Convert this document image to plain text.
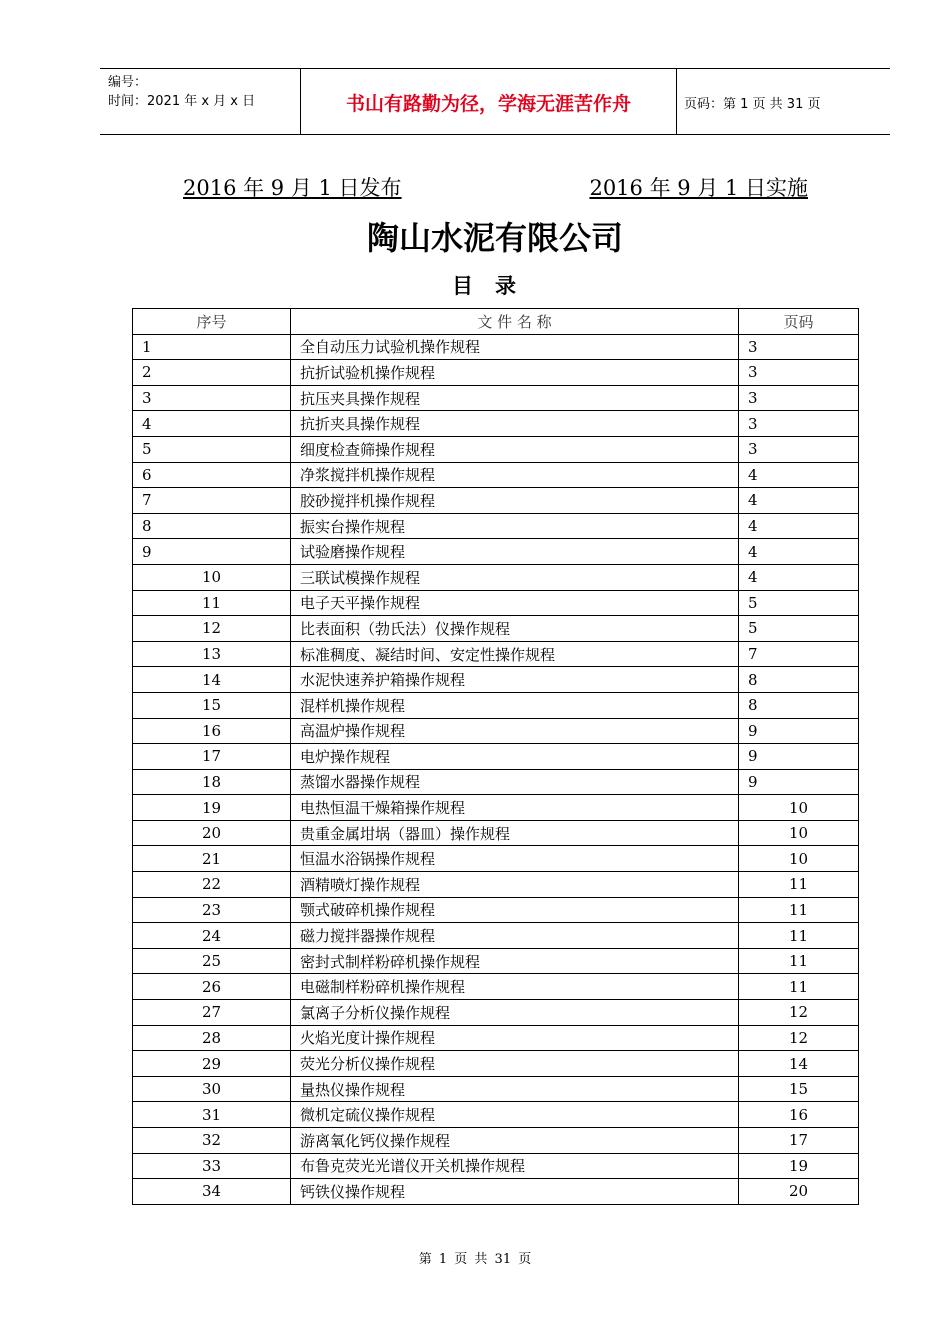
编号：
时间：2021 年 x 月 x 日	书山有路勤为径，学海无涯苦作舟	页码：第 1 页 共 31 页
2016 年 9 月 1 日发布	2016 年 9 月 1 日实施
陶山水泥有限公司
目录
序号	文 件 名 称	页码
1	全自动压力试验机操作规程	3
2	抗折试验机操作规程	3
3	抗压夹具操作规程	3
4	抗折夹具操作规程	3
5	细度检查筛操作规程	3
6	净浆搅拌机操作规程	4
7	胶砂搅拌机操作规程	4
8	振实台操作规程	4
9	试验磨操作规程	4
10	三联试模操作规程	4
11	电子天平操作规程	5
12	比表面积（勃氏法）仪操作规程	5
13	标准稠度、凝结时间、安定性操作规程	7
14	水泥快速养护箱操作规程	8
15	混样机操作规程	8
16	高温炉操作规程	9
17	电炉操作规程	9
18	蒸馏水器操作规程	9
19	电热恒温干燥箱操作规程	10
20	贵重金属坩埚（器皿）操作规程	10
21	恒温水浴锅操作规程	10
22	酒精喷灯操作规程	11
23	颚式破碎机操作规程	11
24	磁力搅拌器操作规程	11
25	密封式制样粉碎机操作规程	11
26	电磁制样粉碎机操作规程	11
27	氯离子分析仪操作规程	12
28	火焰光度计操作规程	12
29	荧光分析仪操作规程	14
30	量热仪操作规程	15
31	微机定硫仪操作规程	16
32	游离氧化钙仪操作规程	17
33	布鲁克荧光光谱仪开关机操作规程	19
34	钙铁仪操作规程	20
第 1 页 共 31 页
